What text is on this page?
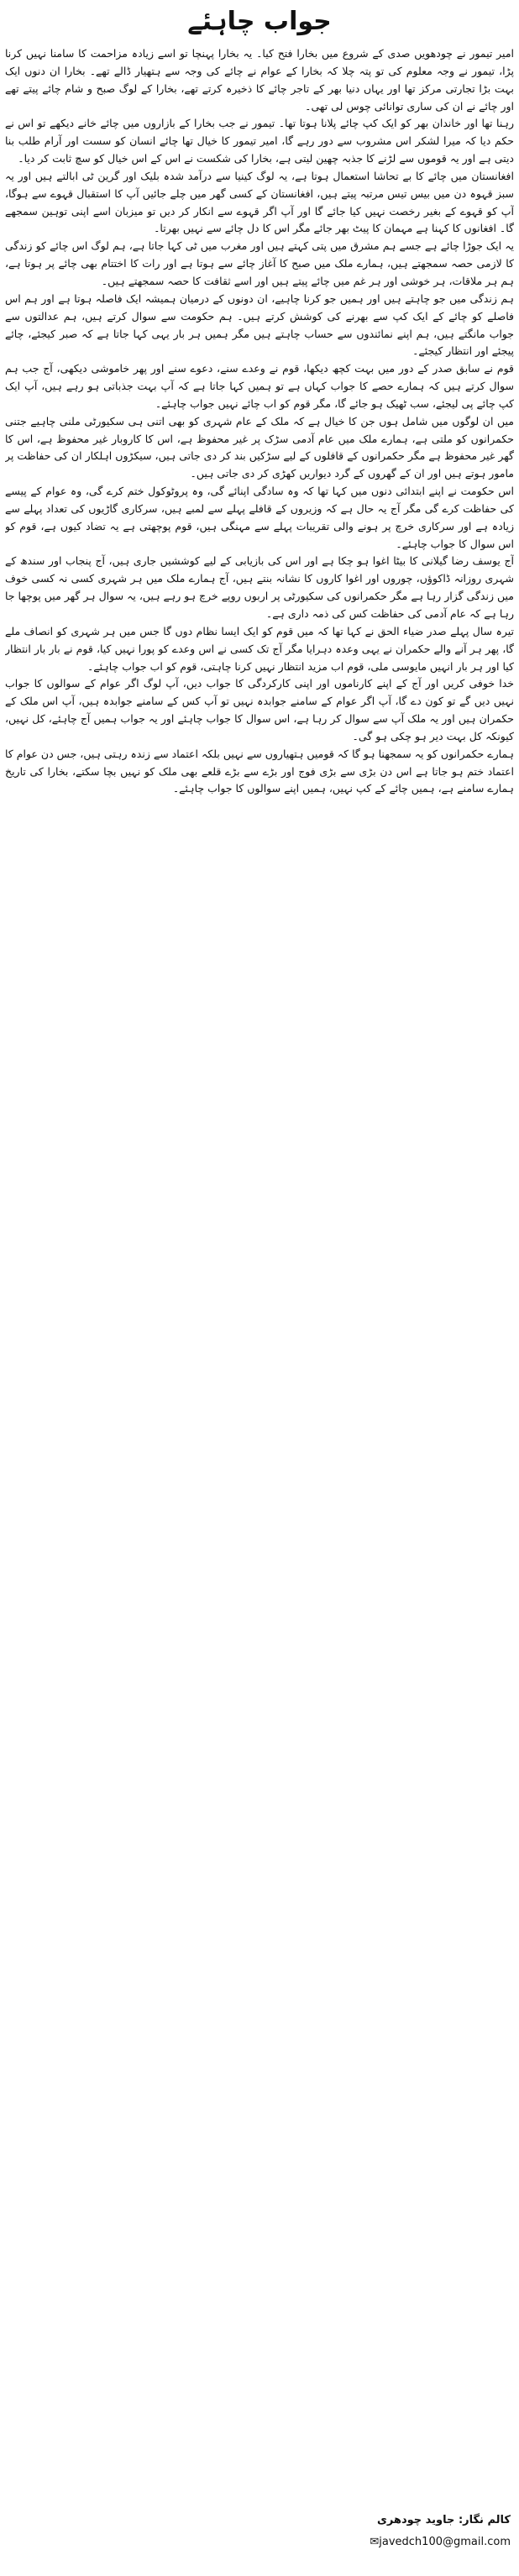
جواب چاہئے

امیر تیمور نے چودھویں صدی کے شروع میں بخارا فتح کیا۔ یہ بخارا پہنچا تو اسے زیادہ مزاحمت کا سامنا نہیں کرنا پڑا، تیمور نے وجہ معلوم کی تو پتہ چلا کہ بخارا کے عوام نے چائے کی وجہ سے ہتھیار ڈالے تھے۔ بخارا ان دنوں ایک بہت بڑا تجارتی مرکز تھا اور یہاں دنیا بھر کے تاجر چائے کا ذخیرہ کرتے تھے، بخارا کے لوگ صبح و شام چائے پیتے تھے اور چائے نے ان کی ساری توانائی چوس لی تھی۔

رہنا تھا اور خاندان بھر کو ایک کپ چائے پلانا ہوتا تھا۔ تیمور نے جب بخارا کے بازاروں میں چائے خانے دیکھے تو اس نے حکم دیا کہ میرا لشکر اس مشروب سے دور رہے گا، امیر تیمور کا خیال تھا چائے انسان کو سست اور آرام طلب بنا دیتی ہے اور یہ قوموں سے لڑنے کا جذبہ چھین لیتی ہے، بخارا کی شکست نے اس کے اس خیال کو سچ ثابت کر دیا۔

افغانستان میں چائے کا بے تحاشا استعمال ہوتا ہے، یہ لوگ کینیا سے درآمد شدہ بلیک اور گرین ٹی ابالتے ہیں اور یہ سبز قہوہ دن میں بیس تیس مرتبہ پیتے ہیں، افغانستان کے کسی گھر میں چلے جائیں آپ کا استقبال قہوے سے ہوگا، آپ کو قہوے کے بغیر رخصت نہیں کیا جائے گا اور آپ اگر قہوے سے انکار کر دیں تو میزبان اسے اپنی توہین سمجھے گا۔ افغانوں کا کہنا ہے مہمان کا پیٹ بھر جائے مگر اس کا دل چائے سے نہیں بھرتا۔

یہ ایک جوڑا چائے ہے جسے ہم مشرق میں پتی کہتے ہیں اور مغرب میں ٹی کہا جاتا ہے، ہم لوگ اس چائے کو زندگی کا لازمی حصہ سمجھتے ہیں، ہمارے ملک میں صبح کا آغاز چائے سے ہوتا ہے اور رات کا اختتام بھی چائے پر ہوتا ہے، ہم ہر ملاقات، ہر خوشی اور ہر غم میں چائے پیتے ہیں اور اسے ثقافت کا حصہ سمجھتے ہیں۔

ہم زندگی میں جو چاہتے ہیں اور ہمیں جو کرنا چاہیے، ان دونوں کے درمیان ہمیشہ ایک فاصلہ ہوتا ہے اور ہم اس فاصلے کو چائے کے ایک کپ سے بھرنے کی کوشش کرتے ہیں۔ ہم حکومت سے سوال کرتے ہیں، ہم عدالتوں سے جواب مانگتے ہیں، ہم اپنے نمائندوں سے حساب چاہتے ہیں مگر ہمیں ہر بار یہی کہا جاتا ہے کہ صبر کیجئے، چائے پیجئے اور انتظار کیجئے۔

قوم نے سابق صدر کے دور میں بہت کچھ دیکھا، قوم نے وعدے سنے، دعوے سنے اور پھر خاموشی دیکھی، آج جب ہم سوال کرتے ہیں کہ ہمارے حصے کا جواب کہاں ہے تو ہمیں کہا جاتا ہے کہ آپ بہت جذباتی ہو رہے ہیں، آپ ایک کپ چائے پی لیجئے، سب ٹھیک ہو جائے گا، مگر قوم کو اب چائے نہیں جواب چاہئے۔

میں ان لوگوں میں شامل ہوں جن کا خیال ہے کہ ملک کے عام شہری کو بھی اتنی ہی سکیورٹی ملنی چاہیے جتنی حکمرانوں کو ملتی ہے، ہمارے ملک میں عام آدمی سڑک پر غیر محفوظ ہے، اس کا کاروبار غیر محفوظ ہے، اس کا گھر غیر محفوظ ہے مگر حکمرانوں کے قافلوں کے لیے سڑکیں بند کر دی جاتی ہیں، سیکڑوں اہلکار ان کی حفاظت پر مامور ہوتے ہیں اور ان کے گھروں کے گرد دیواریں کھڑی کر دی جاتی ہیں۔

اس حکومت نے اپنے ابتدائی دنوں میں کہا تھا کہ وہ سادگی اپنائے گی، وہ پروٹوکول ختم کرے گی، وہ عوام کے پیسے کی حفاظت کرے گی مگر آج یہ حال ہے کہ وزیروں کے قافلے پہلے سے لمبے ہیں، سرکاری گاڑیوں کی تعداد پہلے سے زیادہ ہے اور سرکاری خرچ پر ہونے والی تقریبات پہلے سے مہنگی ہیں، قوم پوچھتی ہے یہ تضاد کیوں ہے، قوم کو اس سوال کا جواب چاہئے۔

آج یوسف رضا گیلانی کا بیٹا اغوا ہو چکا ہے اور اس کی بازیابی کے لیے کوششیں جاری ہیں، آج پنجاب اور سندھ کے شہری روزانہ ڈاکوؤں، چوروں اور اغوا کاروں کا نشانہ بنتے ہیں، آج ہمارے ملک میں ہر شہری کسی نہ کسی خوف میں زندگی گزار رہا ہے مگر حکمرانوں کی سکیورٹی پر اربوں روپے خرچ ہو رہے ہیں، یہ سوال ہر گھر میں پوچھا جا رہا ہے کہ عام آدمی کی حفاظت کس کی ذمہ داری ہے۔

تیرہ سال پہلے صدر ضیاء الحق نے کہا تھا کہ میں قوم کو ایک ایسا نظام دوں گا جس میں ہر شہری کو انصاف ملے گا، پھر ہر آنے والے حکمران نے یہی وعدہ دہرایا مگر آج تک کسی نے اس وعدے کو پورا نہیں کیا، قوم نے بار بار انتظار کیا اور ہر بار انہیں مایوسی ملی، قوم اب مزید انتظار نہیں کرنا چاہتی، قوم کو اب جواب چاہئے۔

خدا خوفی کریں اور آج کے اپنے کارناموں اور اپنی کارکردگی کا جواب دیں، آپ لوگ اگر عوام کے سوالوں کا جواب نہیں دیں گے تو کون دے گا، آپ اگر عوام کے سامنے جوابدہ نہیں تو آپ کس کے سامنے جوابدہ ہیں، آپ اس ملک کے حکمران ہیں اور یہ ملک آپ سے سوال کر رہا ہے، اس سوال کا جواب چاہئے اور یہ جواب ہمیں آج چاہئے، کل نہیں، کیونکہ کل بہت دیر ہو چکی ہو گی۔

ہمارے حکمرانوں کو یہ سمجھنا ہو گا کہ قومیں ہتھیاروں سے نہیں بلکہ اعتماد سے زندہ رہتی ہیں، جس دن عوام کا اعتماد ختم ہو جاتا ہے اس دن بڑی سے بڑی فوج اور بڑے سے بڑے قلعے بھی ملک کو نہیں بچا سکتے، بخارا کی تاریخ ہمارے سامنے ہے، ہمیں چائے کے کپ نہیں، ہمیں اپنے سوالوں کا جواب چاہئے۔

کالم نگار: جاوید چودھری
✉javedch100@gmail.com
